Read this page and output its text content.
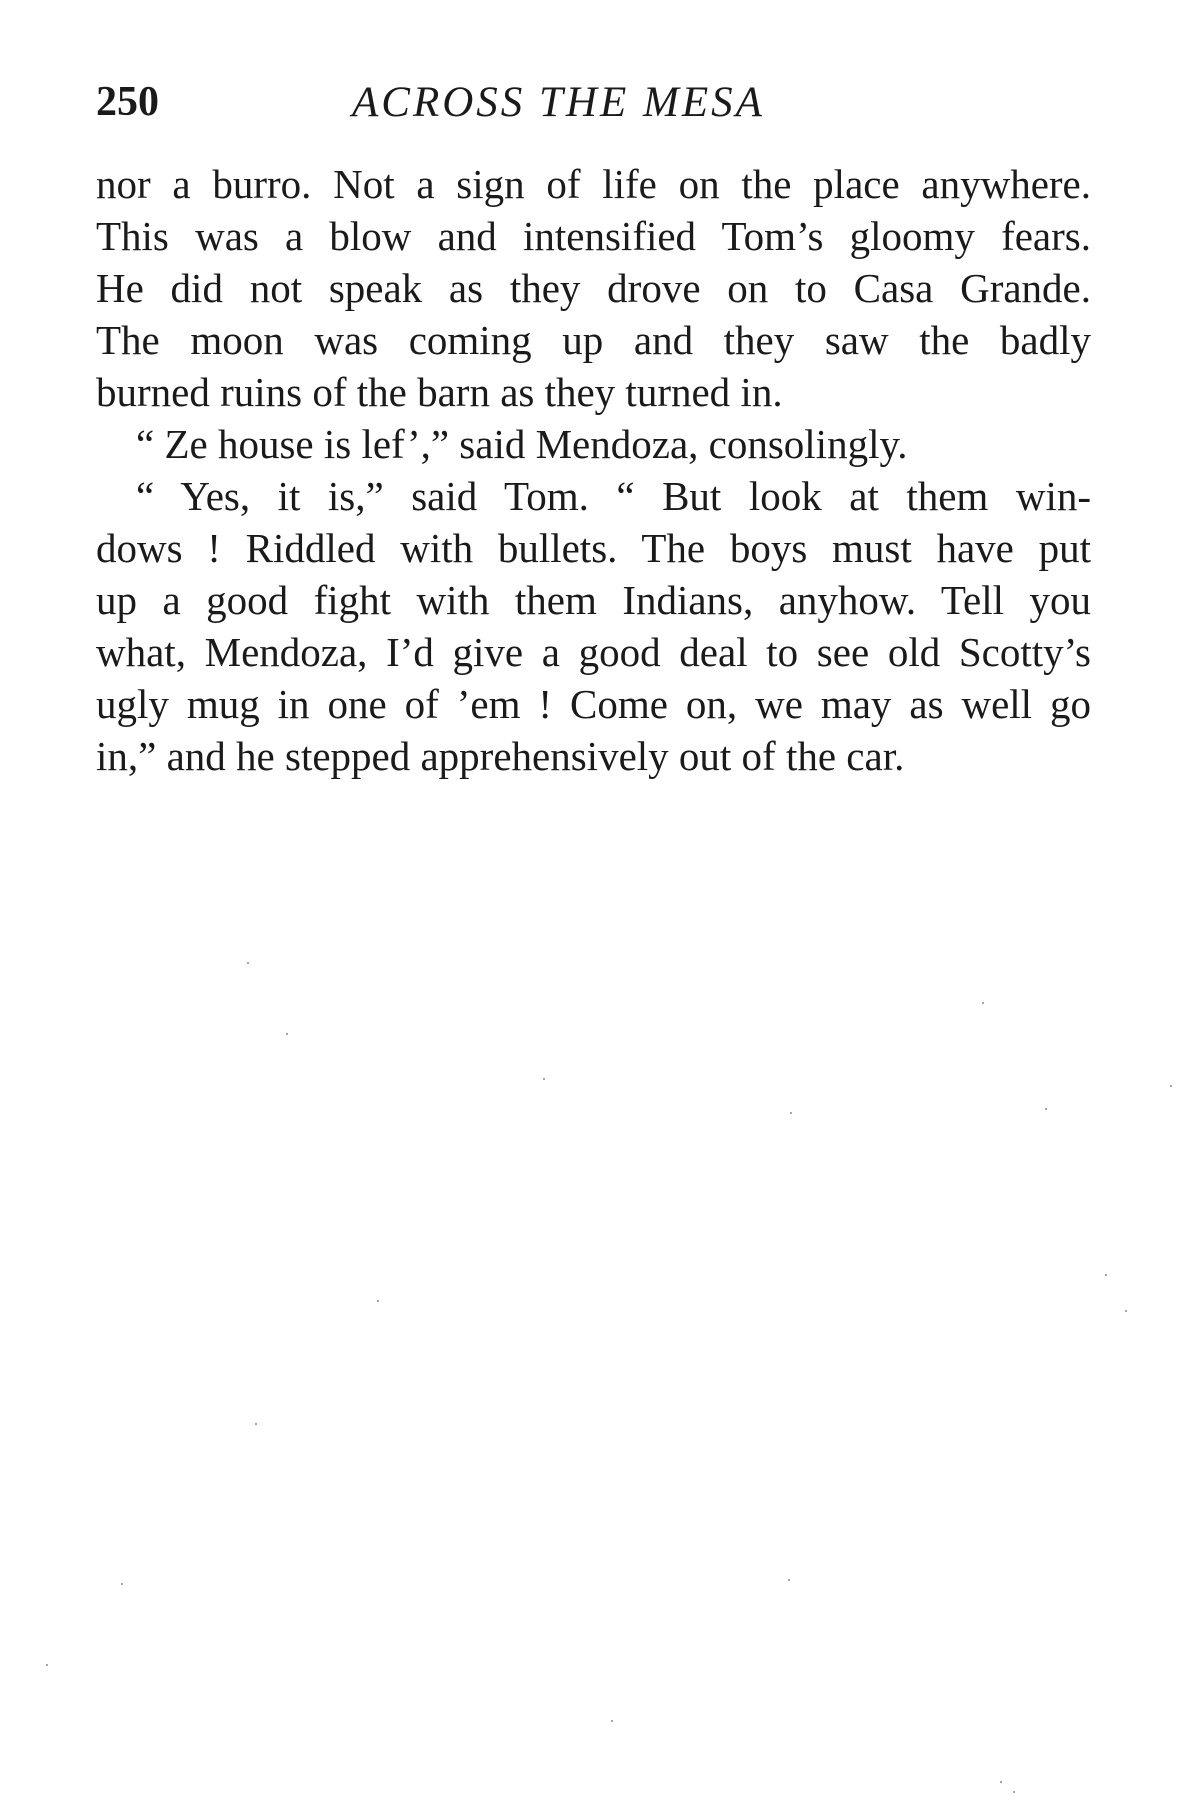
250	ACROSS THE MESA
nor a burro. Not a sign of life on the place anywhere.
This was a blow and intensified Tom’s gloomy fears.
He did not speak as they drove on to Casa Grande.
The moon was coming up and they saw the badly
burned ruins of the barn as they turned in.
“ Ze house is lef’,” said Mendoza, consolingly.
“ Yes, it is,” said Tom. “ But look at them win-
dows ! Riddled with bullets. The boys must have put
up a good fight with them Indians, anyhow. Tell you
what, Mendoza, I’d give a good deal to see old Scotty’s
ugly mug in one of ’em ! Come on, we may as well go
in,” and he stepped apprehensively out of the car.
